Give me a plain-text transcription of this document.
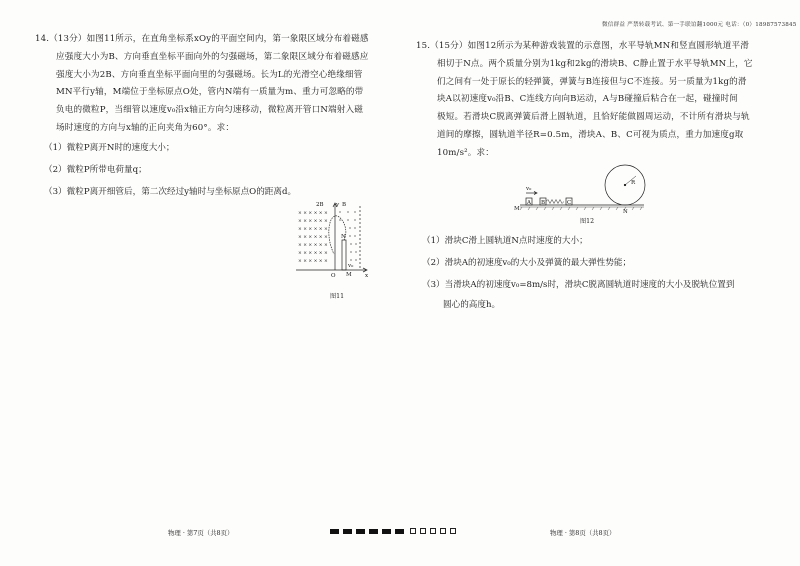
14.（13分）如图11所示，在直角坐标系xOy的平面空间内，第一象限区域分布着磁感
应强度大小为B、方向垂直坐标平面向外的匀强磁场，第二象限区域分布着磁感应
强度大小为2B、方向垂直坐标平面向里的匀强磁场。长为L的光滑空心绝缘细管
MN平行y轴，M端位于坐标原点O处，管内N端有一质量为m、重力可忽略的带
负电的微粒P，当细管以速度v₀沿x轴正方向匀速移动，微粒离开管口N端射入磁
场时速度的方向与x轴的正向夹角为60°。求：
（1）微粒P离开N时的速度大小；
（2）微粒P所带电荷量q；
（3）微粒P离开细管后，第二次经过y轴时与坐标原点O的距离d。
× × × × × ×
× × × × × ×
× × × × × ×
× × × × × ×
× × × × × ×
× × × × × ×
× × × × × ×
2B	B
y
N
M
O	x
v₀
图11
物理 · 第7页（共8页）
微信群益 严禁转载考试、第一手联谊翻1000元 电话：（0）18987573845
15.（15分）如图12所示为某种游戏装置的示意图，水平导轨MN和竖直圆形轨道平滑
相切于N点。两个质量分别为1kg和2kg的滑块B、C静止置于水平导轨MN上，它
们之间有一处于原长的轻弹簧，弹簧与B连接但与C不连接。另一质量为1kg的滑
块A以初速度v₀沿B、C连线方向向B运动，A与B碰撞后粘合在一起，碰撞时间
极短。若滑块C脱离弹簧后滑上圆轨道，且恰好能做圆周运动，不计所有滑块与轨
道间的摩擦，圆轨道半径R=0.5m，滑块A、B、C可视为质点，重力加速度g取
10m/s²。求：
v₀
A B	C
M	N
R
图12
（1）滑块C滑上圆轨道N点时速度的大小；
（2）滑块A的初速度v₀的大小及弹簧的最大弹性势能；
（3）当滑块A的初速度v₀=8m/s时，滑块C脱离圆轨道时速度的大小及脱轨位置到
圆心的高度h。
物理 · 第8页（共8页）
